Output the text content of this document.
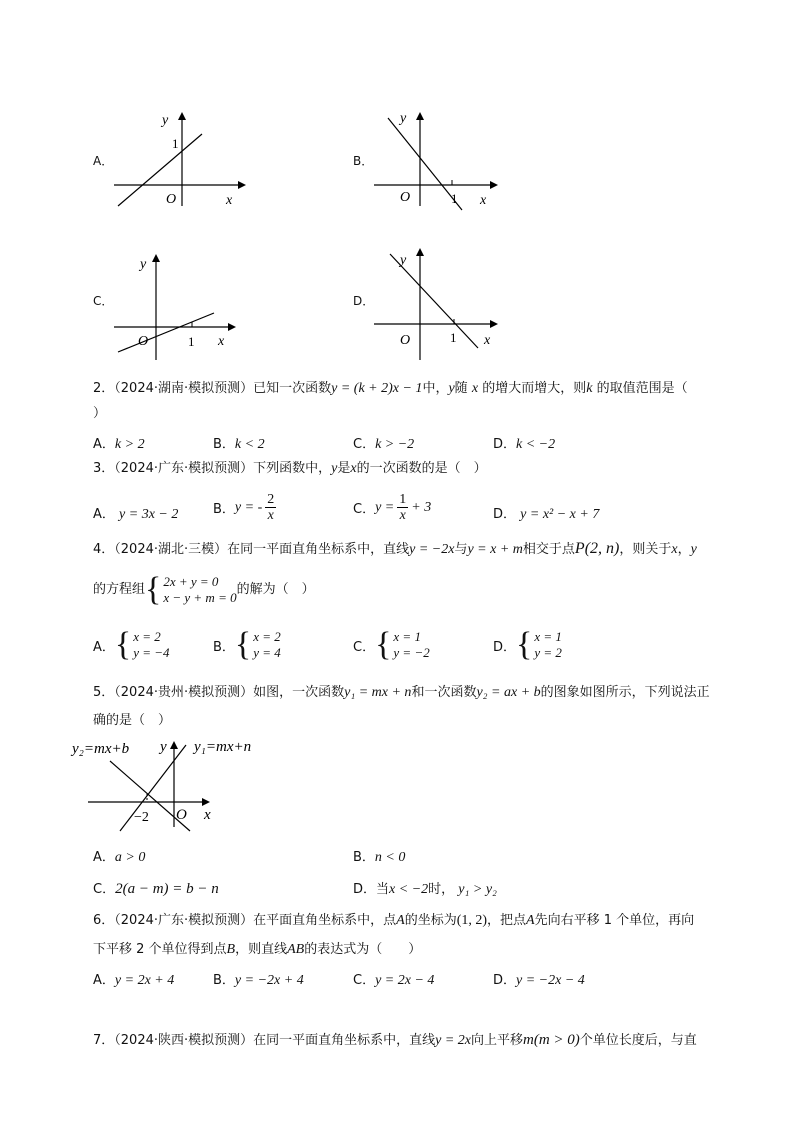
A．
y
1
O	x
B．
y
O	1 x
C．
y
O	1 x
D．
y
O	1 x
2．（2024·湖南·模拟预测）已知一次函数y = (k + 2)x − 1中，y随 x 的增大而增大，则k 的取值范围是（
）
A．k > 2	B．k < 2	C．k > −2	D．k < −2
3．（2024·广东·模拟预测）下列函数中，y是x的一次函数的是（　）
A． y = 3x − 2	B． y = - $\frac{2}{x}$	C． $y = \frac{1}{x} + 3$	D． y = x² − x + 7
4．（2024·湖北·三模）在同一平面直角坐标系中，直线y = −2x与y = x + m相交于点P(2, n)，则关于x，y
的方程组 { 2x + y = 0
x − y + m = 0
的解为（　）
A． { x = 2
y = −4	B． { x = 2
y = 4	C． { x = 1
y = −2	D． { x = 1
y = 2
5．（2024·贵州·模拟预测）如图，一次函数y₁ = mx + n和一次函数y₂ = ax + b的图象如图所示，下列说法正
确的是（　）
y₂=mx+b y y₁=mx+n
−2 O x
A．a > 0	B．n < 0
C．2(a − m) = b − n	D．当x < −2时， y₁ > y₂
6．（2024·广东·模拟预测）在平面直角坐标系中，点A的坐标为(1, 2)，把点A先向右平移 1 个单位，再向
下平移 2 个单位得到点B，则直线AB的表达式为（　　）
A．y = 2x + 4	B．y = −2x + 4	C．y = 2x − 4	D．y = −2x − 4
7．（2024·陕西·模拟预测）在同一平面直角坐标系中，直线y = 2x向上平移m(m > 0)个单位长度后，与直
